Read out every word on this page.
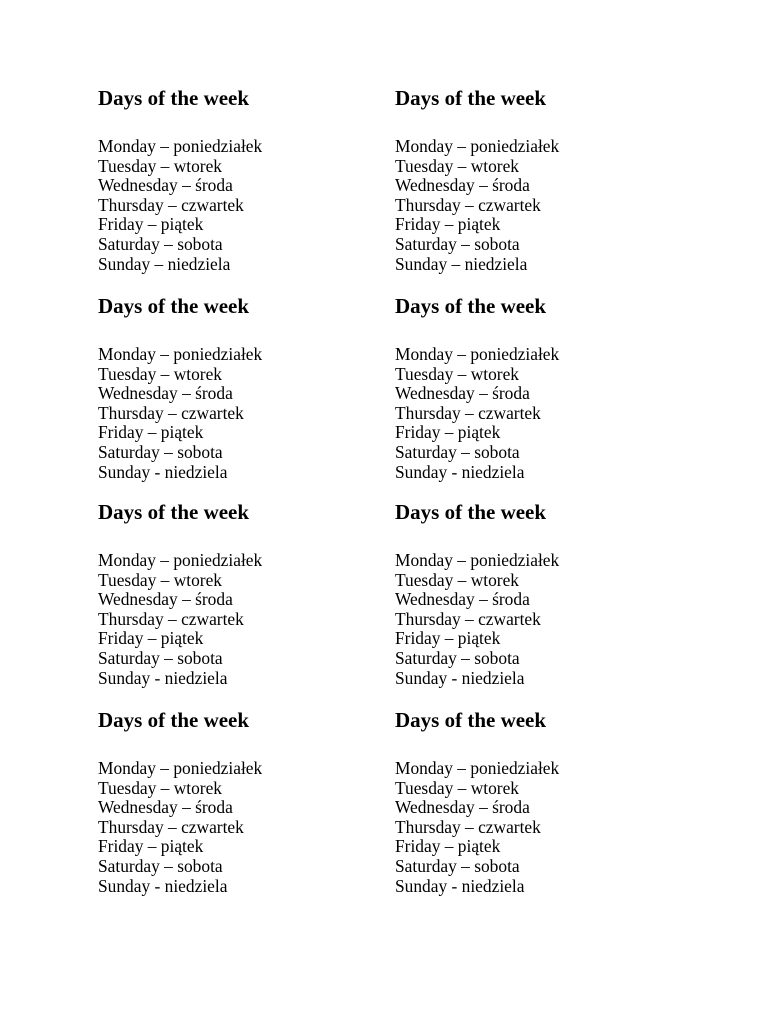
Days of the week
Monday – poniedziałek
Tuesday – wtorek
Wednesday – środa
Thursday – czwartek
Friday – piątek
Saturday – sobota
Sunday – niedziela
Days of the week
Monday – poniedziałek
Tuesday – wtorek
Wednesday – środa
Thursday – czwartek
Friday – piątek
Saturday – sobota
Sunday – niedziela
Days of the week
Monday – poniedziałek
Tuesday – wtorek
Wednesday – środa
Thursday – czwartek
Friday – piątek
Saturday – sobota
Sunday - niedziela
Days of the week
Monday – poniedziałek
Tuesday – wtorek
Wednesday – środa
Thursday – czwartek
Friday – piątek
Saturday – sobota
Sunday - niedziela
Days of the week
Monday – poniedziałek
Tuesday – wtorek
Wednesday – środa
Thursday – czwartek
Friday – piątek
Saturday – sobota
Sunday - niedziela
Days of the week
Monday – poniedziałek
Tuesday – wtorek
Wednesday – środa
Thursday – czwartek
Friday – piątek
Saturday – sobota
Sunday - niedziela
Days of the week
Monday – poniedziałek
Tuesday – wtorek
Wednesday – środa
Thursday – czwartek
Friday – piątek
Saturday – sobota
Sunday - niedziela
Days of the week
Monday – poniedziałek
Tuesday – wtorek
Wednesday – środa
Thursday – czwartek
Friday – piątek
Saturday – sobota
Sunday - niedziela
